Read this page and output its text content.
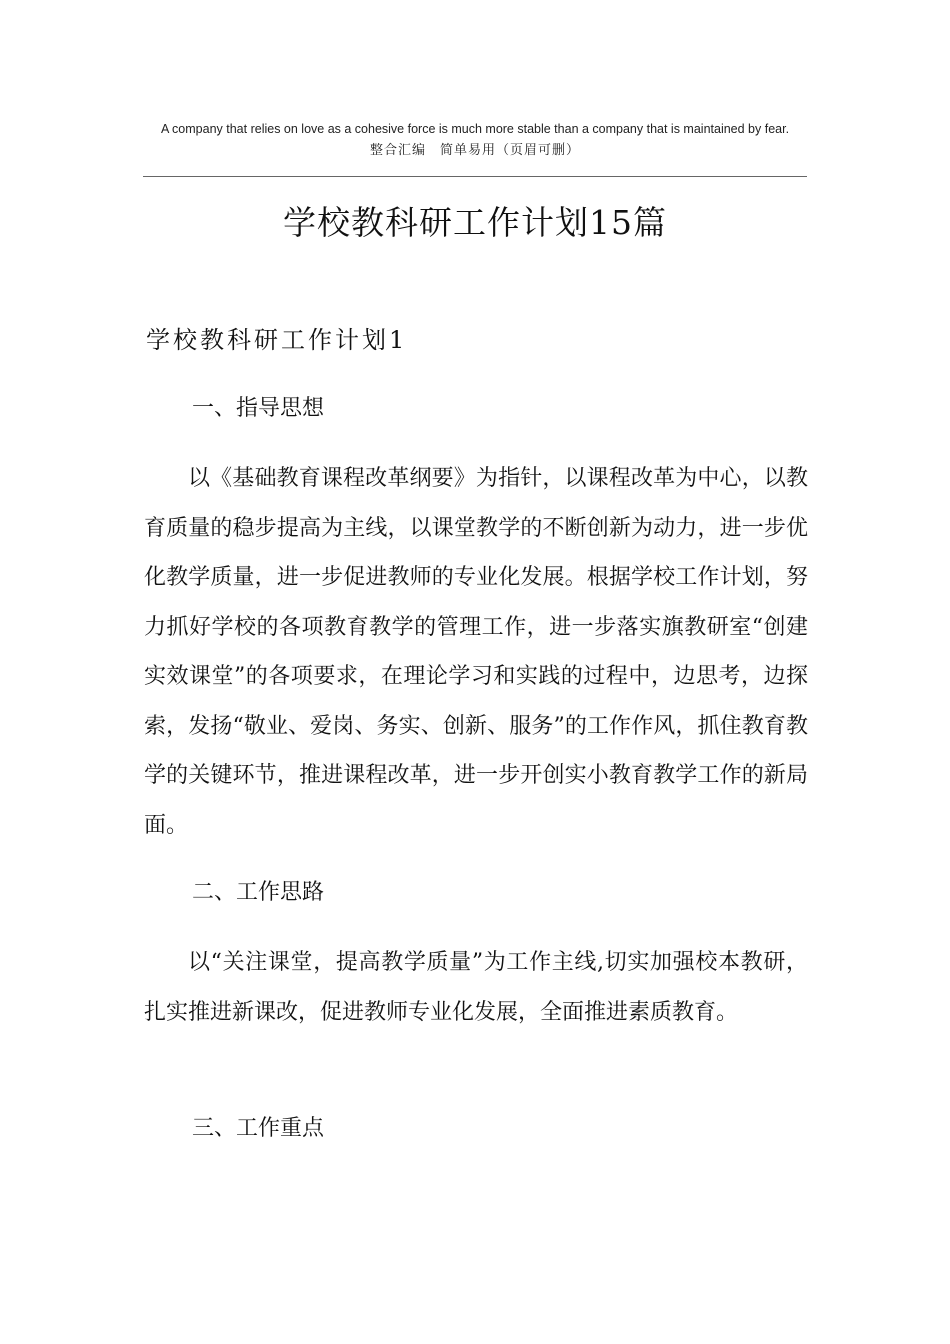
A company that relies on love as a cohesive force is much more stable than a company that is maintained by fear.
整合汇编　简单易用（页眉可删）
学校教科研工作计划15篇
学校教科研工作计划1
一、指导思想

以《基础教育课程改革纲要》为指针，以课程改革为中心，以教育质量的稳步提高为主线，以课堂教学的不断创新为动力，进一步优化教学质量，进一步促进教师的专业化发展。根据学校工作计划，努力抓好学校的各项教育教学的管理工作，进一步落实旗教研室“创建实效课堂”的各项要求，在理论学习和实践的过程中，边思考，边探索，发扬“敬业、爱岗、务实、创新、服务”的工作作风，抓住教育教学的关键环节，推进课程改革，进一步开创实小教育教学工作的新局面。

二、工作思路

以“关注课堂，提高教学质量”为工作主线,切实加强校本教研，扎实推进新课改，促进教师专业化发展，全面推进素质教育。

三、工作重点
